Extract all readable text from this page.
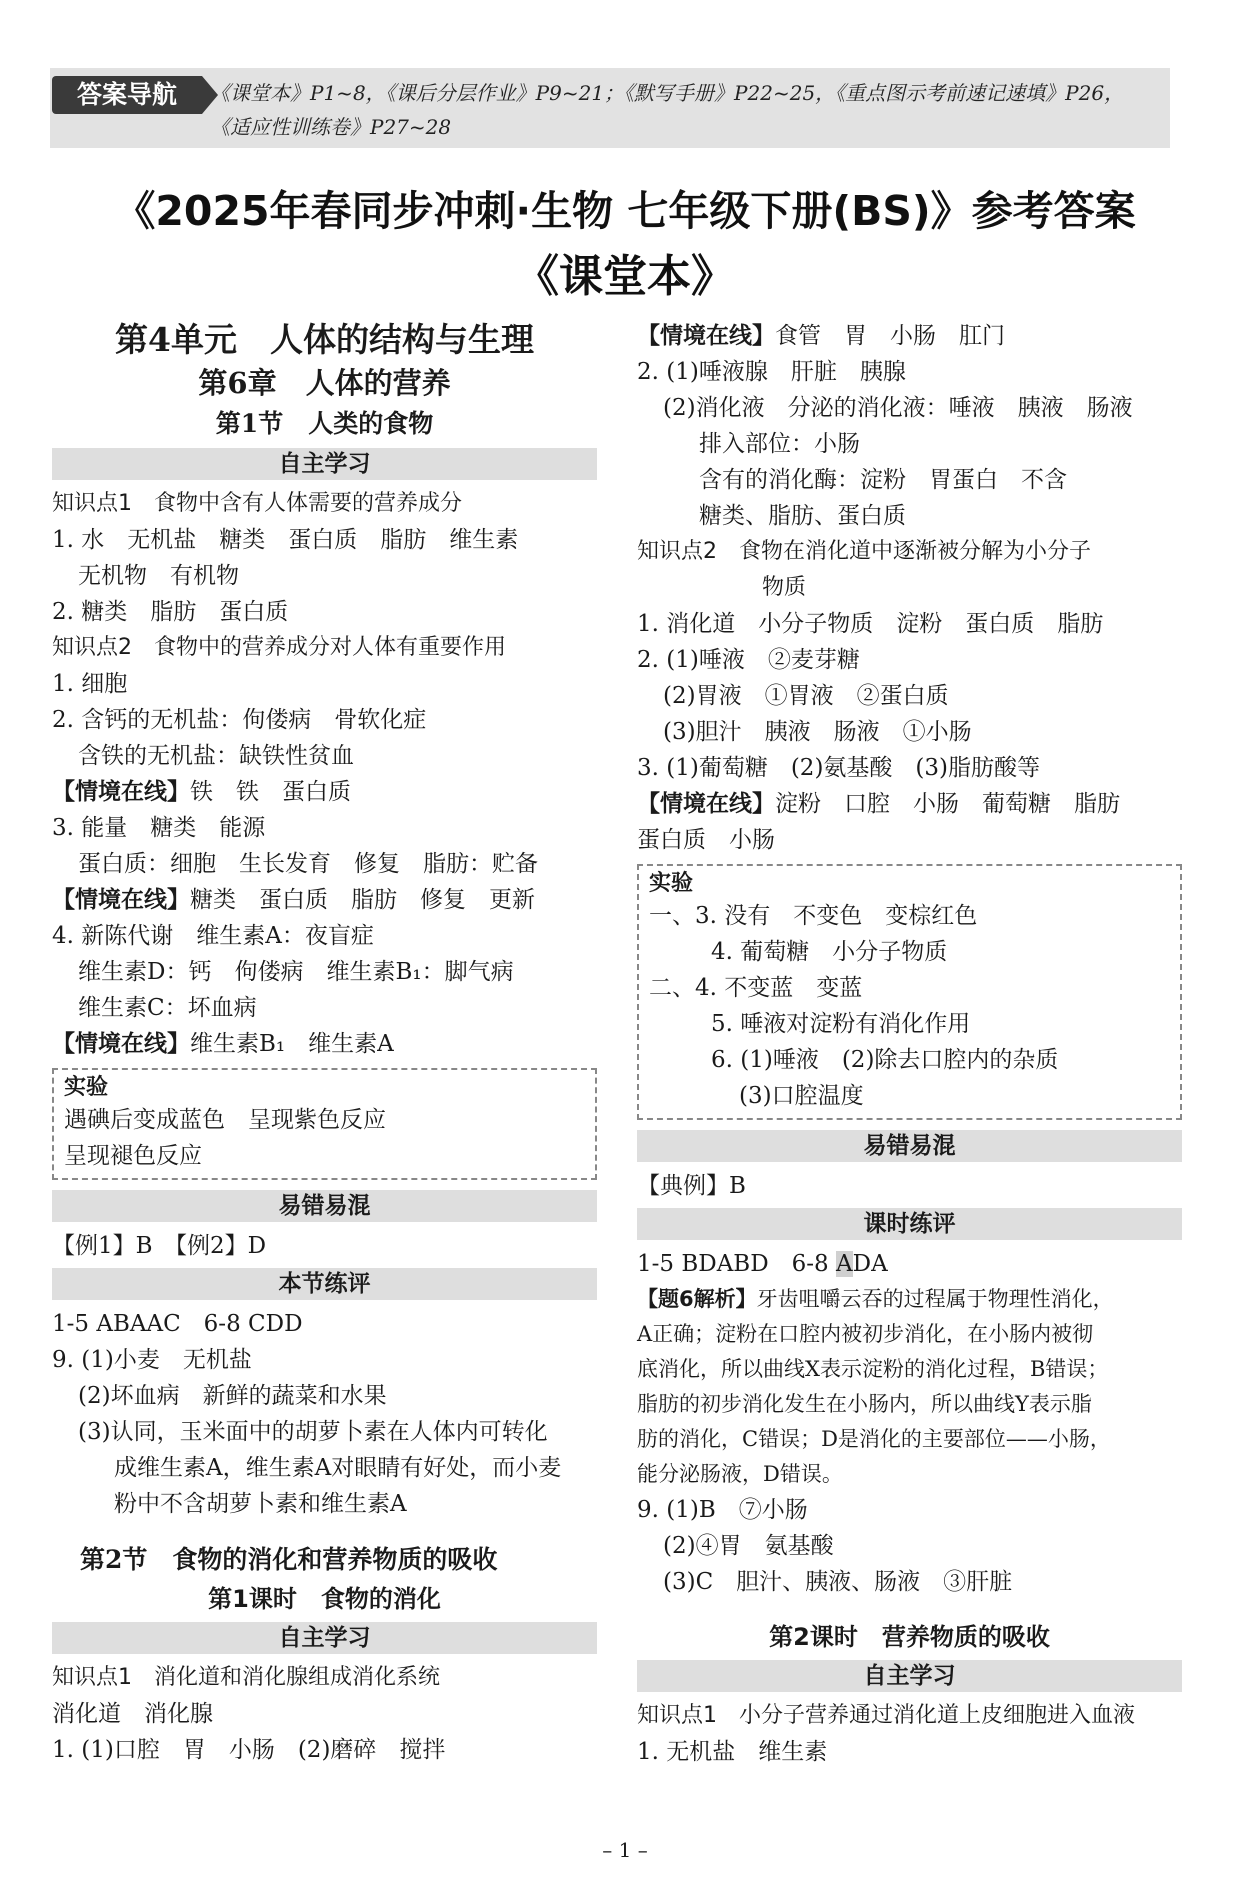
答案导航	《课堂本》P1~8，《课后分层作业》P9~21；《默写手册》P22~25，《重点图示考前速记速填》P26，
《适应性训练卷》P27~28
《2025年春同步冲刺·生物 七年级下册(BS)》参考答案
《课堂本》
第4单元　人体的结构与生理
第6章　人体的营养
第1节　人类的食物
自主学习
知识点1　食物中含有人体需要的营养成分
1. 水　无机盐　糖类　蛋白质　脂肪　维生素
无机物　有机物
2. 糖类　脂肪　蛋白质
知识点2　食物中的营养成分对人体有重要作用
1. 细胞
2. 含钙的无机盐：佝偻病　骨软化症
含铁的无机盐：缺铁性贫血
【情境在线】铁　铁　蛋白质
3. 能量　糖类　能源
蛋白质：细胞　生长发育　修复　脂肪：贮备
【情境在线】糖类　蛋白质　脂肪　修复　更新
4. 新陈代谢　维生素A：夜盲症
维生素D：钙　佝偻病　维生素B₁：脚气病
维生素C：坏血病
【情境在线】维生素B₁　维生素A
实验
遇碘后变成蓝色　呈现紫色反应
呈现褪色反应
易错易混
【例1】B　【例2】D
本节练评
1-5 ABAAC　6-8 CDD
9. (1)小麦　无机盐
(2)坏血病　新鲜的蔬菜和水果
(3)认同，玉米面中的胡萝卜素在人体内可转化
成维生素A，维生素A对眼睛有好处，而小麦
粉中不含胡萝卜素和维生素A
第2节　食物的消化和营养物质的吸收
第1课时　食物的消化
自主学习
知识点1　消化道和消化腺组成消化系统
消化道　消化腺
1. (1)口腔　胃　小肠　(2)磨碎　搅拌
【情境在线】食管　胃　小肠　肛门
2. (1)唾液腺　肝脏　胰腺
(2)消化液　分泌的消化液：唾液　胰液　肠液
排入部位：小肠
含有的消化酶：淀粉　胃蛋白　不含
糖类、脂肪、蛋白质
知识点2　食物在消化道中逐渐被分解为小分子
物质
1. 消化道　小分子物质　淀粉　蛋白质　脂肪
2. (1)唾液　②麦芽糖
(2)胃液　①胃液　②蛋白质
(3)胆汁　胰液　肠液　①小肠
3. (1)葡萄糖　(2)氨基酸　(3)脂肪酸等
【情境在线】淀粉　口腔　小肠　葡萄糖　脂肪
蛋白质　小肠
实验
一、3. 没有　不变色　变棕红色
4. 葡萄糖　小分子物质
二、4. 不变蓝　变蓝
5. 唾液对淀粉有消化作用
6. (1)唾液　(2)除去口腔内的杂质
(3)口腔温度
易错易混
【典例】B
课时练评
1-5 BDABD　6-8 ADA
【题6解析】牙齿咀嚼云吞的过程属于物理性消化，
A正确；淀粉在口腔内被初步消化，在小肠内被彻
底消化，所以曲线X表示淀粉的消化过程，B错误；
脂肪的初步消化发生在小肠内，所以曲线Y表示脂
肪的消化，C错误；D是消化的主要部位——小肠，
能分泌肠液，D错误。
9. (1)B　⑦小肠
(2)④胃　氨基酸
(3)C　胆汁、胰液、肠液　③肝脏
第2课时　营养物质的吸收
自主学习
知识点1　小分子营养通过消化道上皮细胞进入血液
1. 无机盐　维生素
– 1 –
